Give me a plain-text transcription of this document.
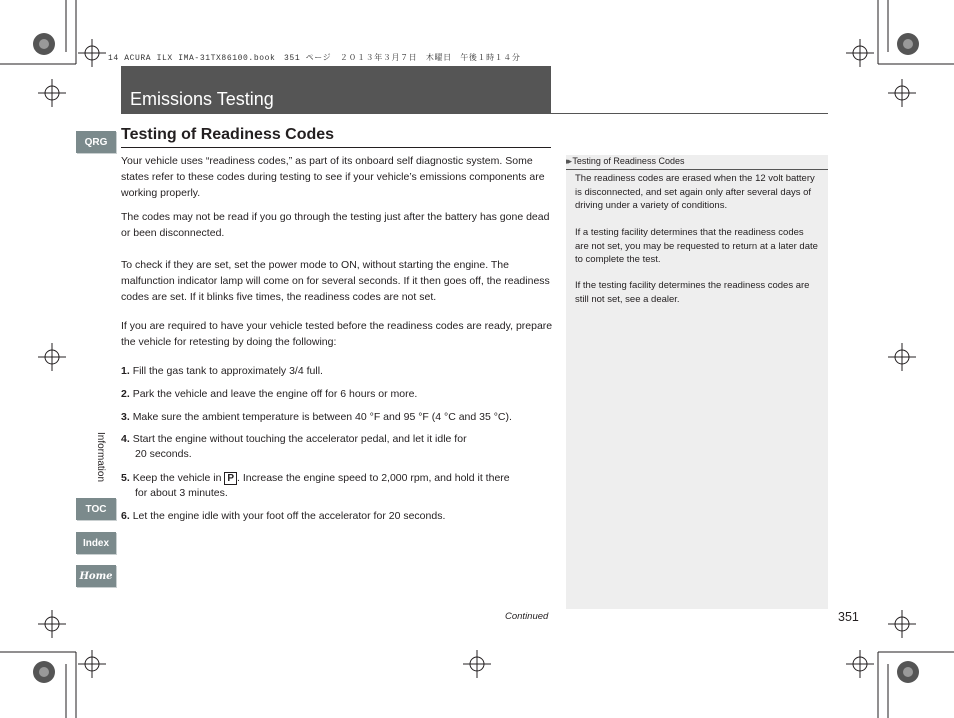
14 ACURA ILX IMA-31TX86100.book　351 ページ　２０１３年３月７日　木曜日　午後１時１４分
Emissions Testing
QRG
Information
TOC
Index
Home
Testing of Readiness Codes
Your vehicle uses “readiness codes,” as part of its onboard self diagnostic system. Some states refer to these codes during testing to see if your vehicle’s emissions components are working properly.
The codes may not be read if you go through the testing just after the battery has gone dead or been disconnected.
To check if they are set, set the power mode to ON, without starting the engine. The malfunction indicator lamp will come on for several seconds. If it then goes off, the readiness codes are set. If it blinks five times, the readiness codes are not set.
If you are required to have your vehicle tested before the readiness codes are ready, prepare the vehicle for retesting by doing the following:
1. Fill the gas tank to approximately 3/4 full.
2. Park the vehicle and leave the engine off for 6 hours or more.
3. Make sure the ambient temperature is between 40 °F and 95 °F (4 °C and 35 °C).
4. Start the engine without touching the accelerator pedal, and let it idle for
20 seconds.
5. Keep the vehicle in P . Increase the engine speed to 2,000 rpm, and hold it there
for about 3 minutes.
6. Let the engine idle with your foot off the accelerator for 20 seconds.
▸▸ Testing of Readiness Codes
The readiness codes are erased when the 12 volt battery is disconnected, and set again only after several days of driving under a variety of conditions.
If a testing facility determines that the readiness codes are not set, you may be requested to return at a later date to complete the test.
If the testing facility determines the readiness codes are still not set, see a dealer.
Continued	351
